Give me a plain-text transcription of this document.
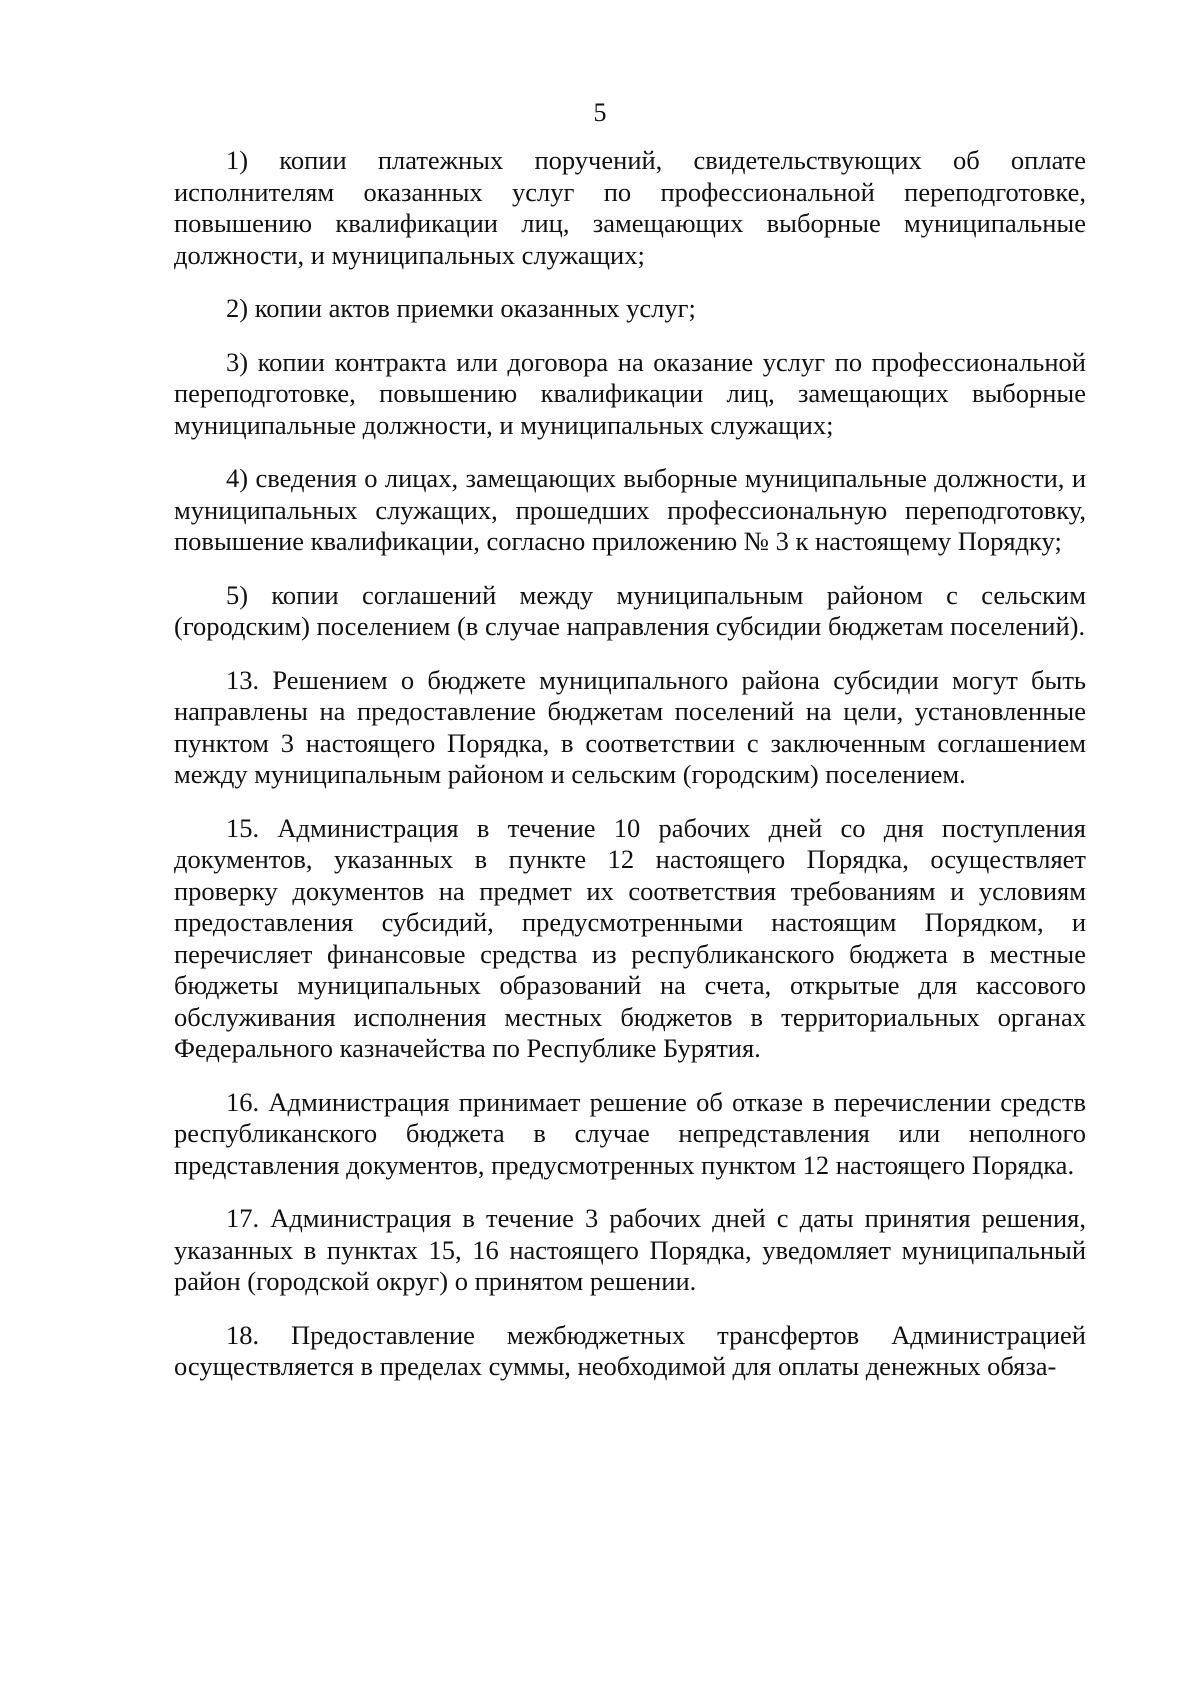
5

1) копии платежных поручений, свидетельствующих об оплате исполнителям оказанных услуг по профессиональной переподготовке, повышению квалификации лиц, замещающих выборные муниципальные должности, и муниципальных служащих;

2) копии актов приемки оказанных услуг;

3) копии контракта или договора на оказание услуг по профессиональной переподготовке, повышению квалификации лиц, замещающих выборные муниципальные должности, и муниципальных служащих;

4) сведения о лицах, замещающих выборные муниципальные должности, и муниципальных служащих, прошедших профессиональную переподготовку, повышение квалификации, согласно приложению № 3 к настоящему Порядку;

5) копии соглашений между муниципальным районом с сельским (городским) поселением (в случае направления субсидии бюджетам поселений).

13. Решением о бюджете муниципального района субсидии могут быть направлены на предоставление бюджетам поселений на цели, установленные пунктом 3 настоящего Порядка, в соответствии с заключенным соглашением между муниципальным районом и сельским (городским) поселением.

15. Администрация в течение 10 рабочих дней со дня поступления документов, указанных в пункте 12 настоящего Порядка, осуществляет проверку документов на предмет их соответствия требованиям и условиям предоставления субсидий, предусмотренными настоящим Порядком, и перечисляет финансовые средства из республиканского бюджета в местные бюджеты муниципальных образований на счета, открытые для кассового обслуживания исполнения местных бюджетов в территориальных органах Федерального казначейства по Республике Бурятия.

16. Администрация принимает решение об отказе в перечислении средств республиканского бюджета в случае непредставления или неполного представления документов, предусмотренных пунктом 12 настоящего Порядка.

17. Администрация в течение 3 рабочих дней с даты принятия решения, указанных в пунктах 15, 16 настоящего Порядка, уведомляет муниципальный район (городской округ) о принятом решении.

18. Предоставление межбюджетных трансфертов Администрацией осуществляется в пределах суммы, необходимой для оплаты денежных обяза-
